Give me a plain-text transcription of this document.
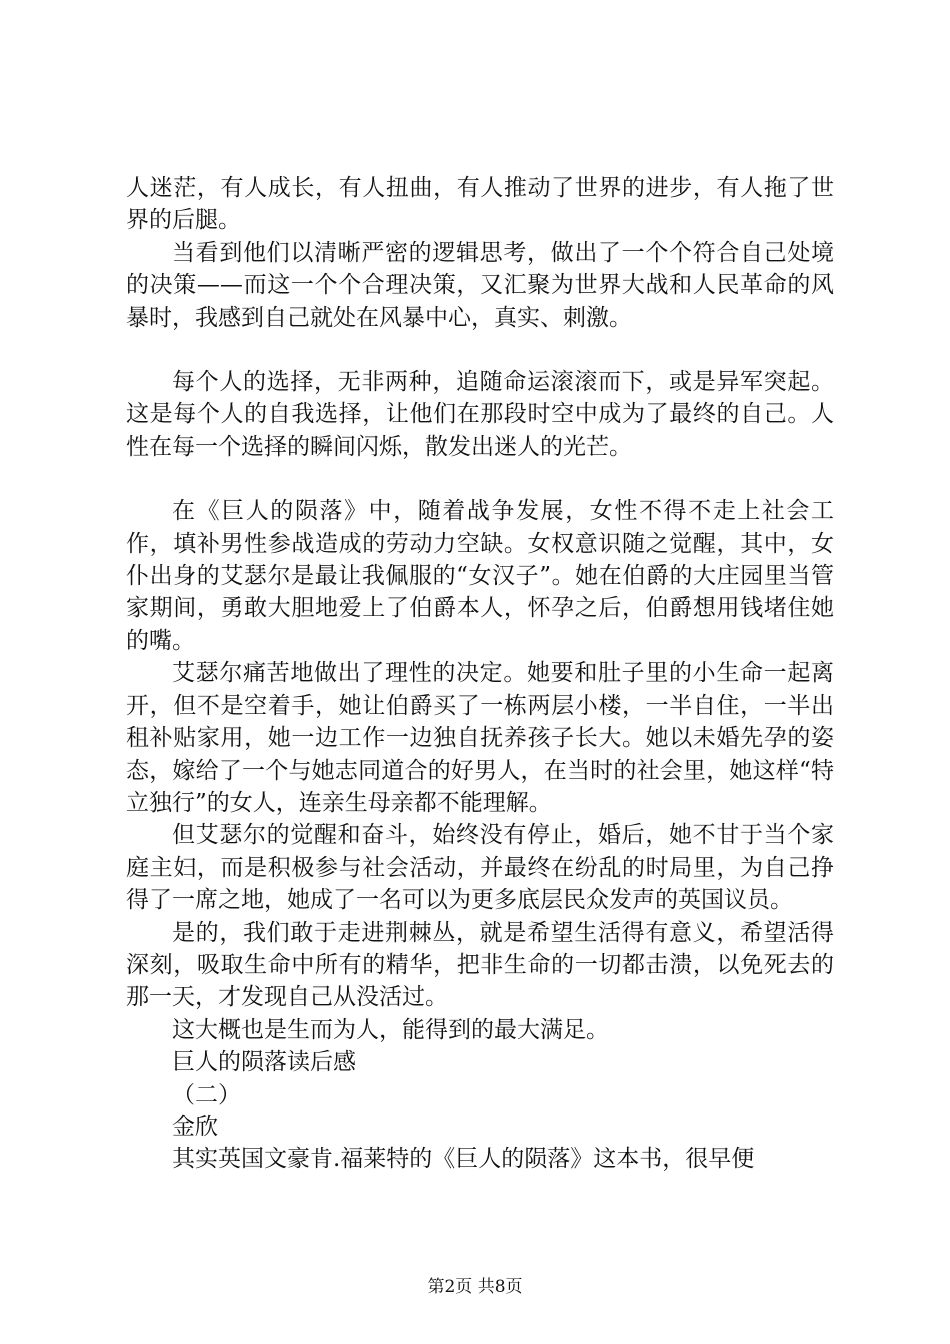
人迷茫，有人成长，有人扭曲，有人推动了世界的进步，有人拖了世界的后腿。

当看到他们以清晰严密的逻辑思考，做出了一个个符合自己处境的决策——而这一个个合理决策，又汇聚为世界大战和人民革命的风暴时，我感到自己就处在风暴中心，真实、刺激。

每个人的选择，无非两种，追随命运滚滚而下，或是异军突起。这是每个人的自我选择，让他们在那段时空中成为了最终的自己。人性在每一个选择的瞬间闪烁，散发出迷人的光芒。

在《巨人的陨落》中，随着战争发展，女性不得不走上社会工作，填补男性参战造成的劳动力空缺。女权意识随之觉醒，其中，女仆出身的艾瑟尔是最让我佩服的“女汉子”。她在伯爵的大庄园里当管家期间，勇敢大胆地爱上了伯爵本人，怀孕之后，伯爵想用钱堵住她的嘴。

艾瑟尔痛苦地做出了理性的决定。她要和肚子里的小生命一起离开，但不是空着手，她让伯爵买了一栋两层小楼，一半自住，一半出租补贴家用，她一边工作一边独自抚养孩子长大。她以未婚先孕的姿态，嫁给了一个与她志同道合的好男人，在当时的社会里，她这样“特立独行”的女人，连亲生母亲都不能理解。

但艾瑟尔的觉醒和奋斗，始终没有停止，婚后，她不甘于当个家庭主妇，而是积极参与社会活动，并最终在纷乱的时局里，为自己挣得了一席之地，她成了一名可以为更多底层民众发声的英国议员。

是的，我们敢于走进荆棘丛，就是希望生活得有意义，希望活得深刻，吸取生命中所有的精华，把非生命的一切都击溃，以免死去的那一天，才发现自己从没活过。

这大概也是生而为人，能得到的最大满足。

巨人的陨落读后感

（二）

金欣

其实英国文豪肯.福莱特的《巨人的陨落》这本书，很早便

第2页 共8页
